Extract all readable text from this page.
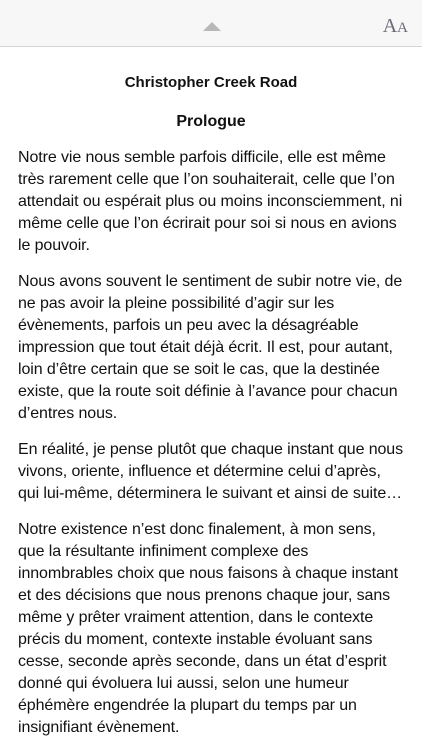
A A
Christopher Creek Road
Prologue

Notre vie nous semble parfois difficile, elle est même très rarement celle que l’on souhaiterait, celle que l’on attendait ou espérait plus ou moins inconsciemment, ni même celle que l’on écrirait pour soi si nous en avions le pouvoir.

Nous avons souvent le sentiment de subir notre vie, de ne pas avoir la pleine possibilité d’agir sur les évènements, parfois un peu avec la désagréable impression que tout était déjà écrit. Il est, pour autant, loin d’être certain que se soit le cas, que la destinée existe, que la route soit définie à l’avance pour chacun d’entres nous.

En réalité, je pense plutôt que chaque instant que nous vivons, oriente, influence et détermine celui d’après, qui lui-même, déterminera le suivant et ainsi de suite…

Notre existence n’est donc finalement, à mon sens, que la résultante infiniment complexe des innombrables choix que nous faisons à chaque instant et des décisions que nous prenons chaque jour, sans même y prêter vraiment attention, dans le contexte précis du moment, contexte instable évoluant sans cesse, seconde après seconde, dans un état d’esprit donné qui évoluera lui aussi, selon une humeur éphémère engendrée la plupart du temps par un insignifiant évènement.
